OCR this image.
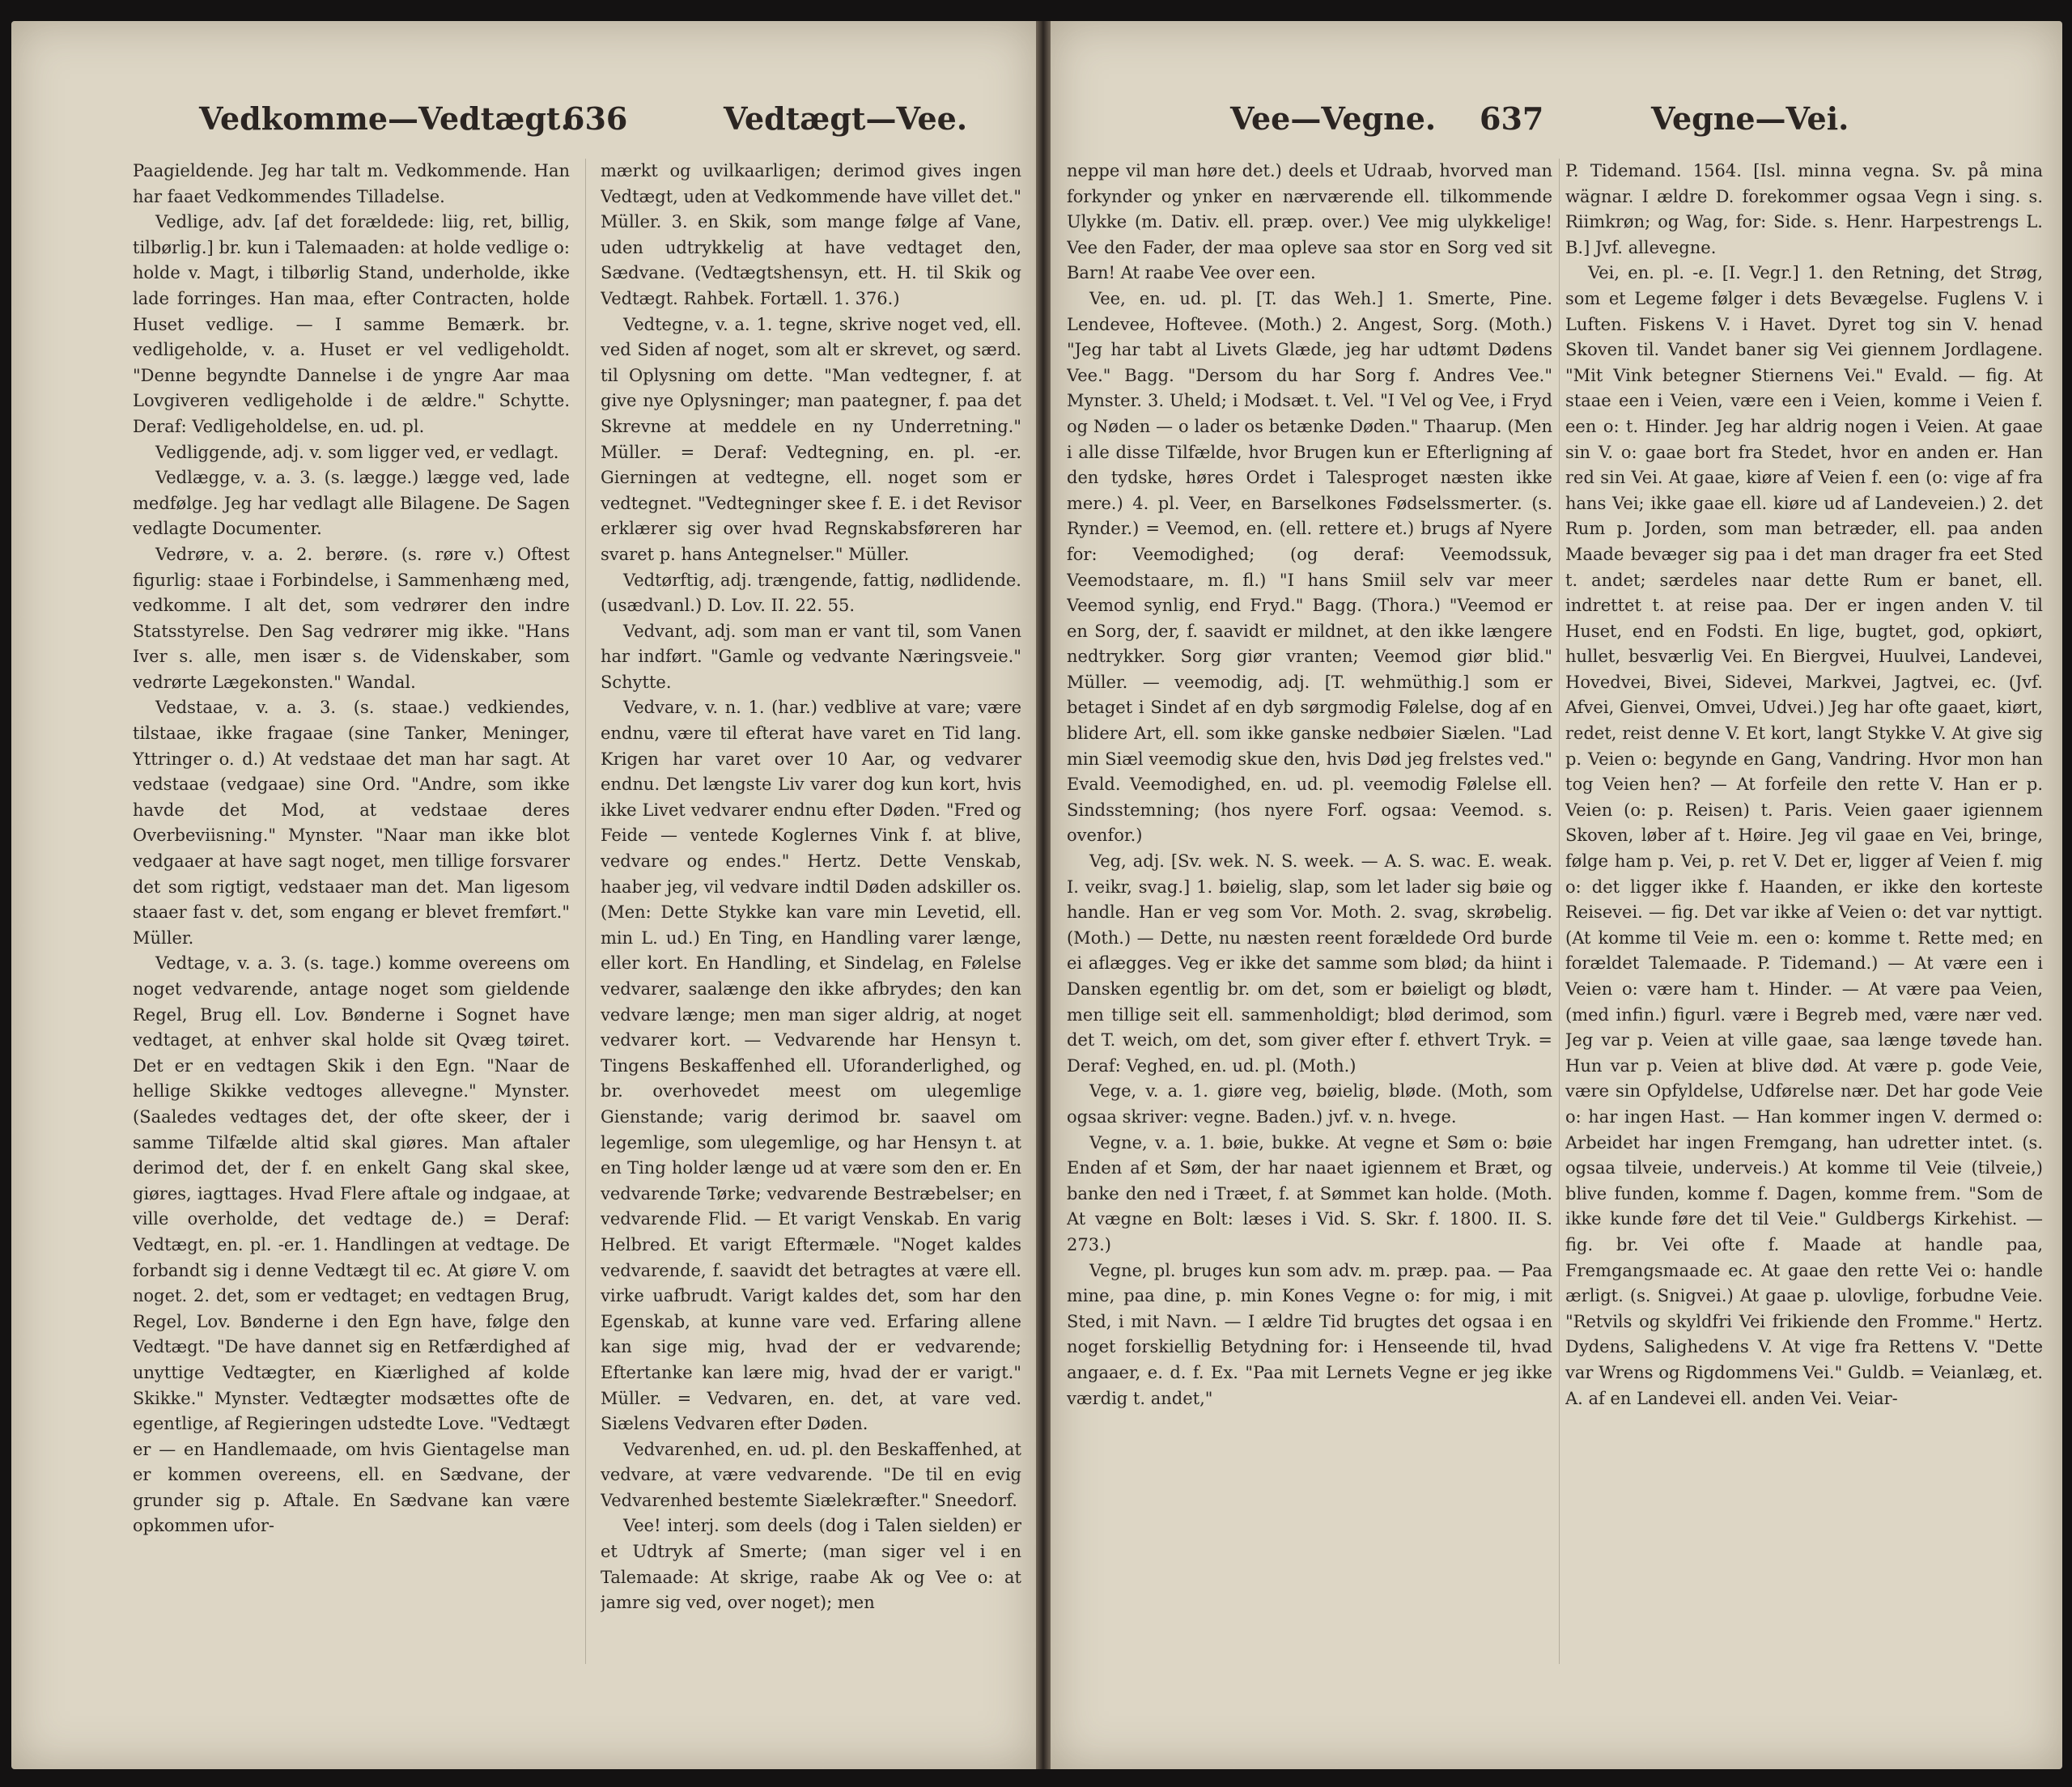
Vedkomme—Vedtægt.
636	Vedtægt—Vee.

Paagieldende. Jeg har talt m. Vedkommende. Han har faaet Vedkommendes Tilladelse.

Vedlige, adv. [af det forældede: liig, ret, billig, tilbørlig.] br. kun i Talemaaden: at holde vedlige o: holde v. Magt, i tilbørlig Stand, underholde, ikke lade forringes. Han maa, efter Contracten, holde Huset vedlige. — I samme Bemærk. br. vedligeholde, v. a. Huset er vel vedligeholdt. "Denne begyndte Dannelse i de yngre Aar maa Lovgiveren vedligeholde i de ældre." Schytte. Deraf: Vedligeholdelse, en. ud. pl.

Vedliggende, adj. v. som ligger ved, er vedlagt.

Vedlægge, v. a. 3. (s. lægge.) lægge ved, lade medfølge. Jeg har vedlagt alle Bilagene. De Sagen vedlagte Documenter.

Vedrøre, v. a. 2. berøre. (s. røre v.) Oftest figurlig: staae i Forbindelse, i Sammenhæng med, vedkomme. I alt det, som vedrører den indre Statsstyrelse. Den Sag vedrører mig ikke. "Hans Iver s. alle, men især s. de Videnskaber, som vedrørte Lægekonsten." Wandal.

Vedstaae, v. a. 3. (s. staae.) vedkiendes, tilstaae, ikke fragaae (sine Tanker, Meninger, Yttringer o. d.) At vedstaae det man har sagt. At vedstaae (vedgaae) sine Ord. "Andre, som ikke havde det Mod, at vedstaae deres Overbeviisning." Mynster. "Naar man ikke blot vedgaaer at have sagt noget, men tillige forsvarer det som rigtigt, vedstaaer man det. Man ligesom staaer fast v. det, som engang er blevet fremført." Müller.

Vedtage, v. a. 3. (s. tage.) komme overeens om noget vedvarende, antage noget som gieldende Regel, Brug ell. Lov. Bønderne i Sognet have vedtaget, at enhver skal holde sit Qvæg tøiret. Det er en vedtagen Skik i den Egn. "Naar de hellige Skikke vedtoges allevegne." Mynster. (Saaledes vedtages det, der ofte skeer, der i samme Tilfælde altid skal giøres. Man aftaler derimod det, der f. en enkelt Gang skal skee, giøres, iagttages. Hvad Flere aftale og indgaae, at ville overholde, det vedtage de.) = Deraf: Vedtægt, en. pl. -er. 1. Handlingen at vedtage. De forbandt sig i denne Vedtægt til ec. At giøre V. om noget. 2. det, som er vedtaget; en vedtagen Brug, Regel, Lov. Bønderne i den Egn have, følge den Vedtægt. "De have dannet sig en Retfærdighed af unyttige Vedtægter, en Kiærlighed af kolde Skikke." Mynster. Vedtægter modsættes ofte de egentlige, af Regieringen udstedte Love. "Vedtægt er — en Handlemaade, om hvis Gientagelse man er kommen overeens, ell. en Sædvane, der grunder sig p. Aftale. En Sædvane kan være opkommen ufor-

mærkt og uvilkaarligen; derimod gives ingen Vedtægt, uden at Vedkommende have villet det." Müller. 3. en Skik, som mange følge af Vane, uden udtrykkelig at have vedtaget den, Sædvane. (Vedtægtshensyn, ett. H. til Skik og Vedtægt. Rahbek. Fortæll. 1. 376.)

Vedtegne, v. a. 1. tegne, skrive noget ved, ell. ved Siden af noget, som alt er skrevet, og særd. til Oplysning om dette. "Man vedtegner, f. at give nye Oplysninger; man paategner, f. paa det Skrevne at meddele en ny Underretning." Müller. = Deraf: Vedtegning, en. pl. -er. Gierningen at vedtegne, ell. noget som er vedtegnet. "Vedtegninger skee f. E. i det Revisor erklærer sig over hvad Regnskabsføreren har svaret p. hans Antegnelser." Müller.

Vedtørftig, adj. trængende, fattig, nødlidende. (usædvanl.) D. Lov. II. 22. 55.

Vedvant, adj. som man er vant til, som Vanen har indført. "Gamle og vedvante Næringsveie." Schytte.

Vedvare, v. n. 1. (har.) vedblive at vare; være endnu, være til efterat have varet en Tid lang. Krigen har varet over 10 Aar, og vedvarer endnu. Det længste Liv varer dog kun kort, hvis ikke Livet vedvarer endnu efter Døden. "Fred og Feide — ventede Koglernes Vink f. at blive, vedvare og endes." Hertz. Dette Venskab, haaber jeg, vil vedvare indtil Døden adskiller os. (Men: Dette Stykke kan vare min Levetid, ell. min L. ud.) En Ting, en Handling varer længe, eller kort. En Handling, et Sindelag, en Følelse vedvarer, saalænge den ikke afbrydes; den kan vedvare længe; men man siger aldrig, at noget vedvarer kort. — Vedvarende har Hensyn t. Tingens Beskaffenhed ell. Uforanderlighed, og br. overhovedet meest om ulegemlige Gienstande; varig derimod br. saavel om legemlige, som ulegemlige, og har Hensyn t. at en Ting holder længe ud at være som den er. En vedvarende Tørke; vedvarende Bestræbelser; en vedvarende Flid. — Et varigt Venskab. En varig Helbred. Et varigt Eftermæle. "Noget kaldes vedvarende, f. saavidt det betragtes at være ell. virke uafbrudt. Varigt kaldes det, som har den Egenskab, at kunne vare ved. Erfaring allene kan sige mig, hvad der er vedvarende; Eftertanke kan lære mig, hvad der er varigt." Müller. = Vedvaren, en. det, at vare ved. Siælens Vedvaren efter Døden.

Vedvarenhed, en. ud. pl. den Beskaffenhed, at vedvare, at være vedvarende. "De til en evig Vedvarenhed bestemte Siælekræfter." Sneedorf.

Vee! interj. som deels (dog i Talen sielden) er et Udtryk af Smerte; (man siger vel i en Talemaade: At skrige, raabe Ak og Vee o: at jamre sig ved, over noget); men

Vee—Vegne. 637	Vegne—Vei.

neppe vil man høre det.) deels et Udraab, hvorved man forkynder og ynker en nærværende ell. tilkommende Ulykke (m. Dativ. ell. præp. over.) Vee mig ulykkelige! Vee den Fader, der maa opleve saa stor en Sorg ved sit Barn! At raabe Vee over een.

Vee, en. ud. pl. [T. das Weh.] 1. Smerte, Pine. Lendevee, Hoftevee. (Moth.) 2. Angest, Sorg. (Moth.) "Jeg har tabt al Livets Glæde, jeg har udtømt Dødens Vee." Bagg. "Dersom du har Sorg f. Andres Vee." Mynster. 3. Uheld; i Modsæt. t. Vel. "I Vel og Vee, i Fryd og Nøden — o lader os betænke Døden." Thaarup. (Men i alle disse Tilfælde, hvor Brugen kun er Efterligning af den tydske, høres Ordet i Talesproget næsten ikke mere.) 4. pl. Veer, en Barselkones Fødselssmerter. (s. Rynder.) = Veemod, en. (ell. rettere et.) brugs af Nyere for: Veemodighed; (og deraf: Veemodssuk, Veemodstaare, m. fl.) "I hans Smiil selv var meer Veemod synlig, end Fryd." Bagg. (Thora.) "Veemod er en Sorg, der, f. saavidt er mildnet, at den ikke længere nedtrykker. Sorg giør vranten; Veemod giør blid." Müller. — veemodig, adj. [T. wehmüthig.] som er betaget i Sindet af en dyb sørgmodig Følelse, dog af en blidere Art, ell. som ikke ganske nedbøier Siælen. "Lad min Siæl veemodig skue den, hvis Død jeg frelstes ved." Evald. Veemodighed, en. ud. pl. veemodig Følelse ell. Sindsstemning; (hos nyere Forf. ogsaa: Veemod. s. ovenfor.)

Veg, adj. [Sv. wek. N. S. week. — A. S. wac. E. weak. I. veikr, svag.] 1. bøielig, slap, som let lader sig bøie og handle. Han er veg som Vor. Moth. 2. svag, skrøbelig. (Moth.) — Dette, nu næsten reent forældede Ord burde ei aflægges. Veg er ikke det samme som blød; da hiint i Dansken egentlig br. om det, som er bøieligt og blødt, men tillige seit ell. sammenholdigt; blød derimod, som det T. weich, om det, som giver efter f. ethvert Tryk. = Deraf: Veghed, en. ud. pl. (Moth.)

Vege, v. a. 1. giøre veg, bøielig, bløde. (Moth, som ogsaa skriver: vegne. Baden.) jvf. v. n. hvege.

Vegne, v. a. 1. bøie, bukke. At vegne et Søm o: bøie Enden af et Søm, der har naaet igiennem et Bræt, og banke den ned i Træet, f. at Sømmet kan holde. (Moth. At vægne en Bolt: læses i Vid. S. Skr. f. 1800. II. S. 273.)

Vegne, pl. bruges kun som adv. m. præp. paa. — Paa mine, paa dine, p. min Kones Vegne o: for mig, i mit Sted, i mit Navn. — I ældre Tid brugtes det ogsaa i en noget forskiellig Betydning for: i Henseende til, hvad angaaer, e. d. f. Ex. "Paa mit Lernets Vegne er jeg ikke værdig t. andet,"

P. Tidemand. 1564. [Isl. minna vegna. Sv. på mina wägnar. I ældre D. forekommer ogsaa Vegn i sing. s. Riimkrøn; og Wag, for: Side. s. Henr. Harpestrengs L. B.] Jvf. allevegne.

Vei, en. pl. -e. [I. Vegr.] 1. den Retning, det Strøg, som et Legeme følger i dets Bevægelse. Fuglens V. i Luften. Fiskens V. i Havet. Dyret tog sin V. henad Skoven til. Vandet baner sig Vei giennem Jordlagene. "Mit Vink betegner Stiernens Vei." Evald. — fig. At staae een i Veien, være een i Veien, komme i Veien f. een o: t. Hinder. Jeg har aldrig nogen i Veien. At gaae sin V. o: gaae bort fra Stedet, hvor en anden er. Han red sin Vei. At gaae, kiøre af Veien f. een (o: vige af fra hans Vei; ikke gaae ell. kiøre ud af Landeveien.) 2. det Rum p. Jorden, som man betræder, ell. paa anden Maade bevæger sig paa i det man drager fra eet Sted t. andet; særdeles naar dette Rum er banet, ell. indrettet t. at reise paa. Der er ingen anden V. til Huset, end en Fodsti. En lige, bugtet, god, opkiørt, hullet, besværlig Vei. En Biergvei, Huulvei, Landevei, Hovedvei, Bivei, Sidevei, Markvei, Jagtvei, ec. (Jvf. Afvei, Gienvei, Omvei, Udvei.) Jeg har ofte gaaet, kiørt, redet, reist denne V. Et kort, langt Stykke V. At give sig p. Veien o: begynde en Gang, Vandring. Hvor mon han tog Veien hen? — At forfeile den rette V. Han er p. Veien (o: p. Reisen) t. Paris. Veien gaaer igiennem Skoven, løber af t. Høire. Jeg vil gaae en Vei, bringe, følge ham p. Vei, p. ret V. Det er, ligger af Veien f. mig o: det ligger ikke f. Haanden, er ikke den korteste Reisevei. — fig. Det var ikke af Veien o: det var nyttigt. (At komme til Veie m. een o: komme t. Rette med; en forældet Talemaade. P. Tidemand.) — At være een i Veien o: være ham t. Hinder. — At være paa Veien, (med infin.) figurl. være i Begreb med, være nær ved. Jeg var p. Veien at ville gaae, saa længe tøvede han. Hun var p. Veien at blive død. At være p. gode Veie, være sin Opfyldelse, Udførelse nær. Det har gode Veie o: har ingen Hast. — Han kommer ingen V. dermed o: Arbeidet har ingen Fremgang, han udretter intet. (s. ogsaa tilveie, underveis.) At komme til Veie (tilveie,) blive funden, komme f. Dagen, komme frem. "Som de ikke kunde føre det til Veie." Guldbergs Kirkehist. — fig. br. Vei ofte f. Maade at handle paa, Fremgangsmaade ec. At gaae den rette Vei o: handle ærligt. (s. Snigvei.) At gaae p. ulovlige, forbudne Veie. "Retvils og skyldfri Vei frikiende den Fromme." Hertz. Dydens, Salighedens V. At vige fra Rettens V. "Dette var Wrens og Rigdommens Vei." Guldb. = Veianlæg, et. A. af en Landevei ell. anden Vei. Veiar-
